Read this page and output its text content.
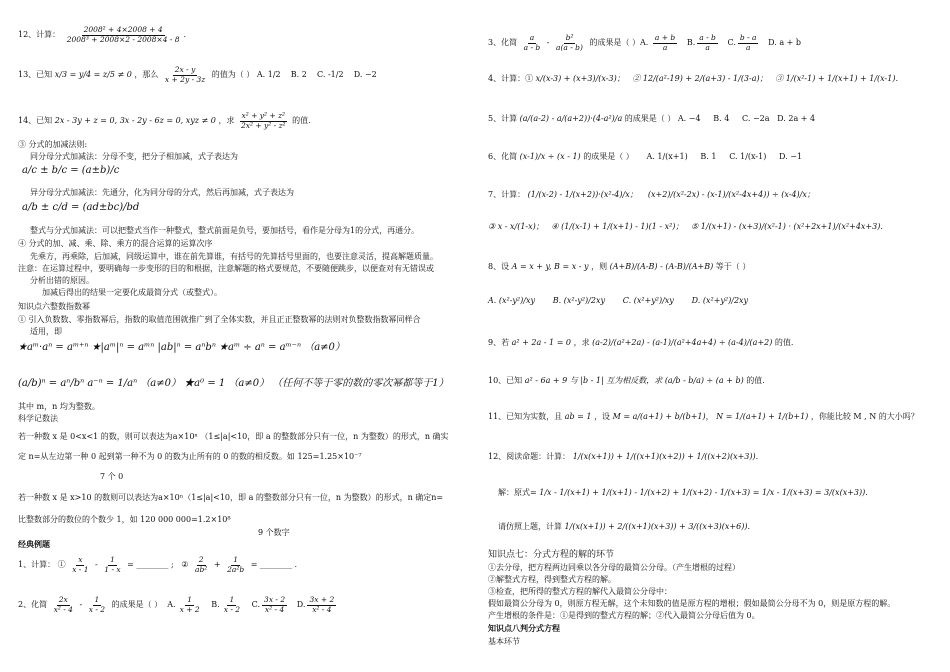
12、计算： $\frac{\text{2008² + 4×2008 + 4}}{\text{2008³ + 2008×2 - 2008×4 - 8}}$ .
13、已知 x/3 = y/4 = z/5 ≠ 0 ，那么 $\frac{2x - y}{x + 2y - 3z}$ 的值为（ ） A. 1/2 B. 2 C. -1/2 D. −2
14、已知 2x - 3y + z = 0, 3x - 2y - 6z = 0, xyz ≠ 0 ，求 $\frac{\text{x² + y² + z²}}{\text{2x² + y² - z²}}$ 的值.
③ 分式的加减法则:
同分母分式加减法：分母不变，把分子相加减，式子表达为
a/c ± b/c = (a±b)/c
异分母分式加减法：先通分，化为同分母的分式，然后再加减，式子表达为
a/b ± c/d = (ad±bc)/bd
整式与分式加减法：可以把整式当作一种整式，整式前面是负号，要加括号，看作是分母为1的分式，再通分。
④ 分式的加、减、乘、除、乘方的混合运算的运算次序
先乘方，再乘除，后加减，同级运算中，谁在前先算谁，有括号的先算括号里面的，也要注意灵活，提高解题质量。
注意：在运算过程中，要明确每一步变形的目的和根据，注意解题的格式要规范，不要随便跳步，以便查对有无错误或
分析出错的原因。
加减后得出的结果一定要化成最简分式（或整式）。
知识点六整数指数幂
① 引入负数数、零指数幂后，指数的取值范围就推广到了全体实数，并且正正整数幂的法则对负整数指数幂同样合
适用，即
★aᵐ·aⁿ = aᵐ⁺ⁿ ★|aᵐ|ⁿ = aᵐⁿ |ab|ⁿ = aⁿbⁿ ★aᵐ ÷ aⁿ = aᵐ⁻ⁿ （a≠0）
(a/b)ⁿ = aⁿ/bⁿ a⁻ⁿ = 1/aⁿ （a≠0） ★a⁰ = 1 （a≠0） （任何不等于零的数的零次幂都等于1）
其中 m，n 均为整数。
科学记数法
若一种数 x 是 0<x<1 的数，则可以表达为a×10ⁿ （1≤|a|<10，即 a 的整数部分只有一位，n 为整数）的形式，n 确实
定 n=从左边第一种 0 起到第一种不为 0 的数为止所有的 0 的数的相反数。如 125=1.25×10⁻⁷
7 个 0
若一种数 x 是 x>10 的数则可以表达为a×10ⁿ（1≤|a|<10，即 a 的整数部分只有一位，n 为整数）的形式，n 确定n=
比整数部分的数位的个数少 1，如 120 000 000=1.2×10⁸
9 个数字
经典例题
1、计算： ① $\frac{x}{x - 1} - \frac{1}{1 - x}$ = ________ ; ② $\frac{2}{\text{ab²}} + \frac{1}{\text{2a²b}}$ = ________ .
2、化简 $\frac{2x}{\text{x² - 4}} - \frac{1}{x - 2}$ 的成果是（ ） A. $\frac{1}{x + 2} B$. $\frac{1}{x - 2} C$. $\frac{3x - 2}{\text{x² - 4}} D$. $\frac{3x + 2}{\text{x² - 4}}$
3、化简 $\frac{a}{a - b} - \frac{\text{b²}}{a(a - b)}$ 的成果是（ ）A. $\frac{a + b}{a} B$. $\frac{a - b}{a} C$. $\frac{b - a}{a} D$. a + b
4、计算：① x/(x-3) + (x+3)/(x-3)； ② 12/(a²-19) + 2/(a+3) - 1/(3-a)； ③ 1/(x²-1) + 1/(x+1) + 1/(x-1).
5、计算 (a/(a-2) - a/(a+2))·(4-a²)/a 的成果是（ ） A. −4 B. 4 C. −2a D. 2a + 4
6、化简 (x-1)/x ÷ (x - 1) 的成果是（ ） A. 1/(x+1) B. 1 C. 1/(x-1) D. −1
7、计算： (1/(x-2) - 1/(x+2))·(x²-4)/x； (x+2)/(x²-2x) - (x-1)/(x²-4x+4)) ÷ (x-4)/x；
③ x - x/(1-x)； ④ (1/(x-1) + 1/(x+1) - 1)(1 - x²)； ⑤ 1/(x+1) - (x+3)/(x²-1) · (x²+2x+1)/(x²+4x+3).
8、设 A = x + y, B = x - y ，则 (A+B)/(A-B) - (A-B)/(A+B) 等于（ ）
A. (x²-y²)/xy B. (x²-y²)/2xy C. (x²+y²)/xy D. (x²+y²)/2xy
9、若 a² + 2a - 1 = 0 ，求 (a-2)/(a²+2a) - (a-1)/(a²+4a+4) ÷ (a-4)/(a+2) 的值.
10、已知 a² - 6a + 9 与 |b - 1| 互为相反数，求 (a/b - b/a) ÷ (a + b) 的值.
11、已知为实数，且 ab = 1 ，设 M = a/(a+1) + b/(b+1)， N = 1/(a+1) + 1/(b+1) ，你能比较 M , N 的大小吗？
12、阅读命题：计算： 1/(x(x+1)) + 1/((x+1)(x+2)) + 1/((x+2)(x+3)).
解：原式= 1/x - 1/(x+1) + 1/(x+1) - 1/(x+2) + 1/(x+2) - 1/(x+3) = 1/x - 1/(x+3) = 3/(x(x+3)).
请仿照上题，计算 1/(x(x+1)) + 2/((x+1)(x+3)) + 3/((x+3)(x+6)).
知识点七：分式方程的解的环节
①去分母，把方程两边同乘以各分母的最简公分母。（产生增根的过程）
②解整式方程，得到整式方程的解。
③检查，把所得的整式方程的解代入最简公分母中：
假如最简公分母为 0，则原方程无解，这个未知数的值是原方程的增根；假如最简公分母不为 0，则是原方程的解。
产生增根的条件是：①是得到的整式方程的解；②代入最简公分母后值为 0。
知识点八判分式方程
基本环节
